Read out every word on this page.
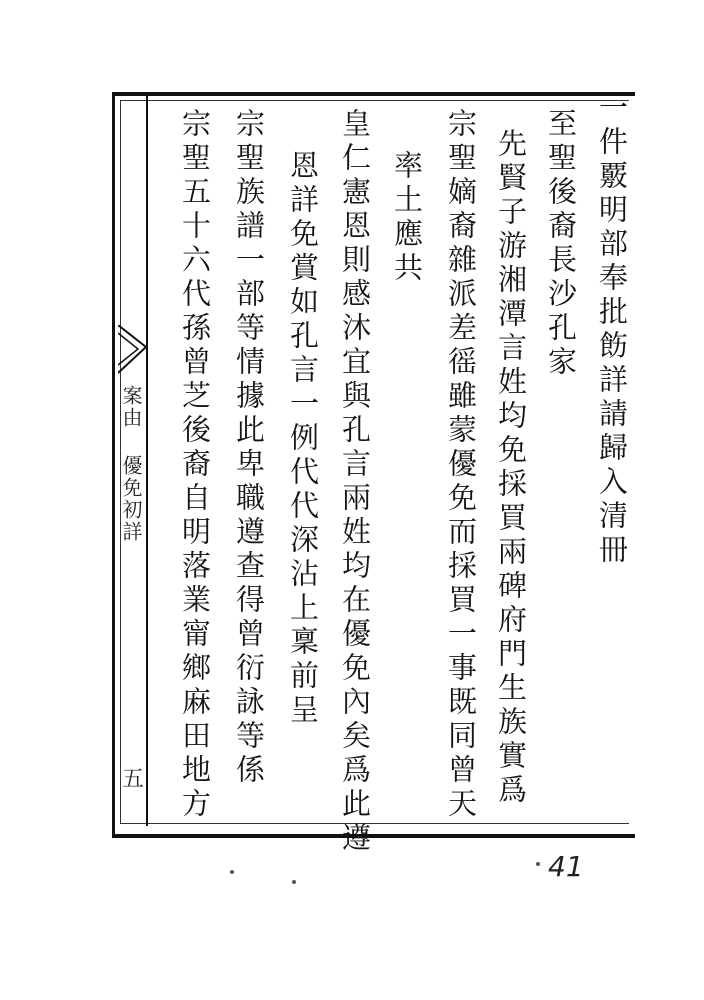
案由 優免初詳
五
一件覈明部奉批飭詳請歸入清冊
至聖後裔長沙孔家
先賢子游湘潭言姓均免採買兩碑府門生族實爲
宗聖嫡裔雜派差徭雖蒙優免而採買一事既同曾天
率土應共
皇仁憲恩則感沐宜與孔言兩姓均在優免內矣爲此遵
恩詳免賞如孔言一例代代深沾上稟前呈
宗聖族譜一部等情據此卑職遵查得曾衍詠等係
宗聖五十六代孫曾芝後裔自明落業甯鄉麻田地方
41
